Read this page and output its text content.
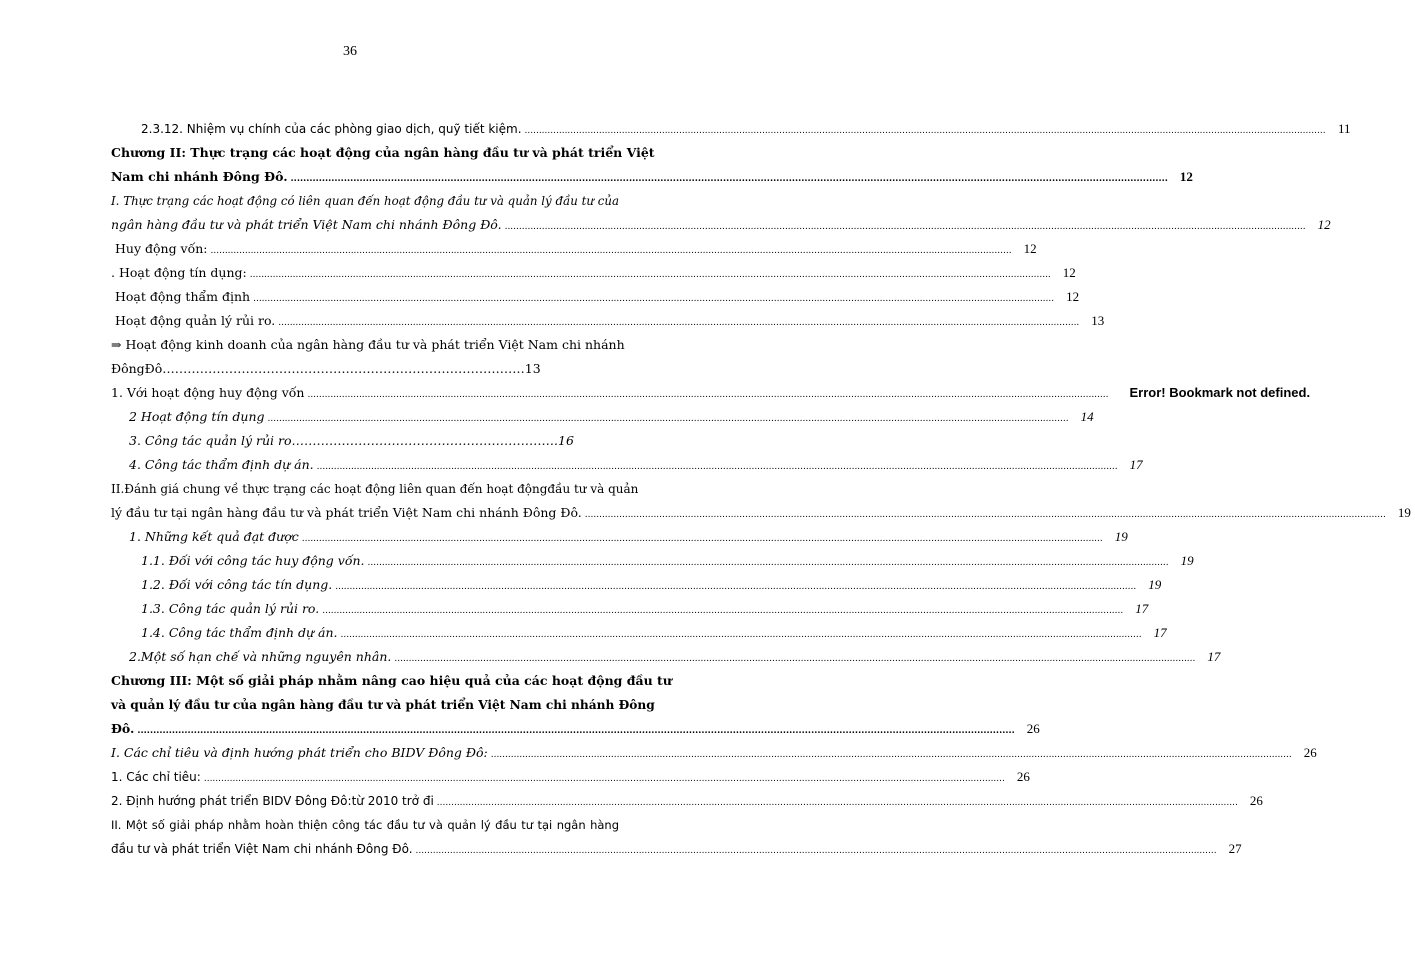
36
2.3.12. Nhiệm vụ chính của các phòng giao dịch, quỹ tiết kiệm. .....	11
Chương II: Thực trạng các hoạt động của ngân hàng đầu tư và phát triển Việt
Nam chi nhánh Đông Đô. .....	12
I. Thực trạng các hoạt động có liên quan đến hoạt động đầu tư và quản lý đầu tư của
ngân hàng đầu tư và phát triển Việt Nam chi nhánh Đông Đô. .....	12
Huy động vốn: .....	12
. Hoạt động tín dụng: .....	12
Hoạt động thẩm định .....	12
Hoạt động quản lý rủi ro. .....	13
⇒ Hoạt động kinh doanh của ngân hàng đầu tư và phát triển Việt Nam chi nhánh
ĐôngĐô……………………………………………………………………………13
1. Với hoạt động huy động vốn .....	Error! Bookmark not defined.
2 Hoạt động tín dụng .....	14
3. Công tác quản lý rủi ro……………………………………………………….16
4. Công tác thẩm định dự án. .....	17
II.Đánh giá chung về thực trạng các hoạt động liên quan đến hoạt độngđầu tư và quản
lý đầu tư tại ngân hàng đầu tư và phát triển Việt Nam chi nhánh Đông Đô. .....	19
1. Những kết quả đạt được .....	19
1.1. Đối với công tác huy động vốn. .....	19
1.2. Đối với công tác tín dụng. .....	19
1.3. Công tác quản lý rủi ro. .....	17
1.4. Công tác thẩm định dự án. .....	17
2.Một số hạn chế và những nguyên nhân. .....	17
Chương III: Một số giải pháp nhằm nâng cao hiệu quả của các hoạt động đầu tư
và quản lý đầu tư của ngân hàng đầu tư và phát triển Việt Nam chi nhánh Đông
Đô. .....	26
I. Các chỉ tiêu và định hướng phát triển cho BIDV Đông Đô: .....	26
1. Các chỉ tiêu: .....	26
2. Định hướng phát triển BIDV Đông Đô:từ 2010 trở đi .....	26
II. Một số giải pháp nhằm hoàn thiện công tác đầu tư và quản lý đầu tư tại ngân hàng
đầu tư và phát triển Việt Nam chi nhánh Đông Đô. .....	27
